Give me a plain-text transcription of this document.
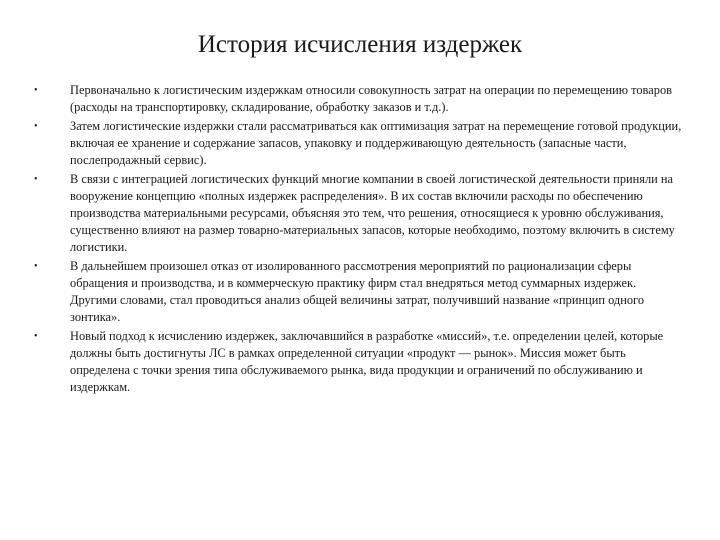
История исчисления издержек
•	Первоначально к логистическим издержкам относили совокупность затрат на операции по перемещению товаров (расходы на транспортировку, складирование, обработку заказов и т.д.).
•	Затем логистические издержки стали рассматриваться как оптимизация затрат на перемещение готовой продукции, включая ее хранение и содержание запасов, упаковку и поддерживающую деятельность (запасные части, послепродажный сервис).
•	В связи с интеграцией логистических функций многие компании в своей логистической деятельности приняли на вооружение концепцию «полных издержек распределения». В их состав включили расходы по обеспечению производства материальными ресурсами, объясняя это тем, что решения, относящиеся к уровню обслуживания, существенно влияют на размер товарно-материальных запасов, которые необходимо, поэтому включить в систему логистики.
•	В дальнейшем произошел отказ от изолированного рассмотрения мероприятий по рационализации сферы обращения и производства, и в коммерческую практику фирм стал внедряться метод суммарных издержек. Другими словами, стал проводиться анализ общей величины затрат, получивший название «принцип одного зонтика».
•	Новый подход к исчислению издержек, заключавшийся в разработке «миссий», т.е. определении целей, которые должны быть достигнуты ЛС в рамках определенной ситуации «продукт — рынок». Миссия может быть определена с точки зрения типа обслуживаемого рынка, вида продукции и ограничений по обслуживанию и издержкам.
